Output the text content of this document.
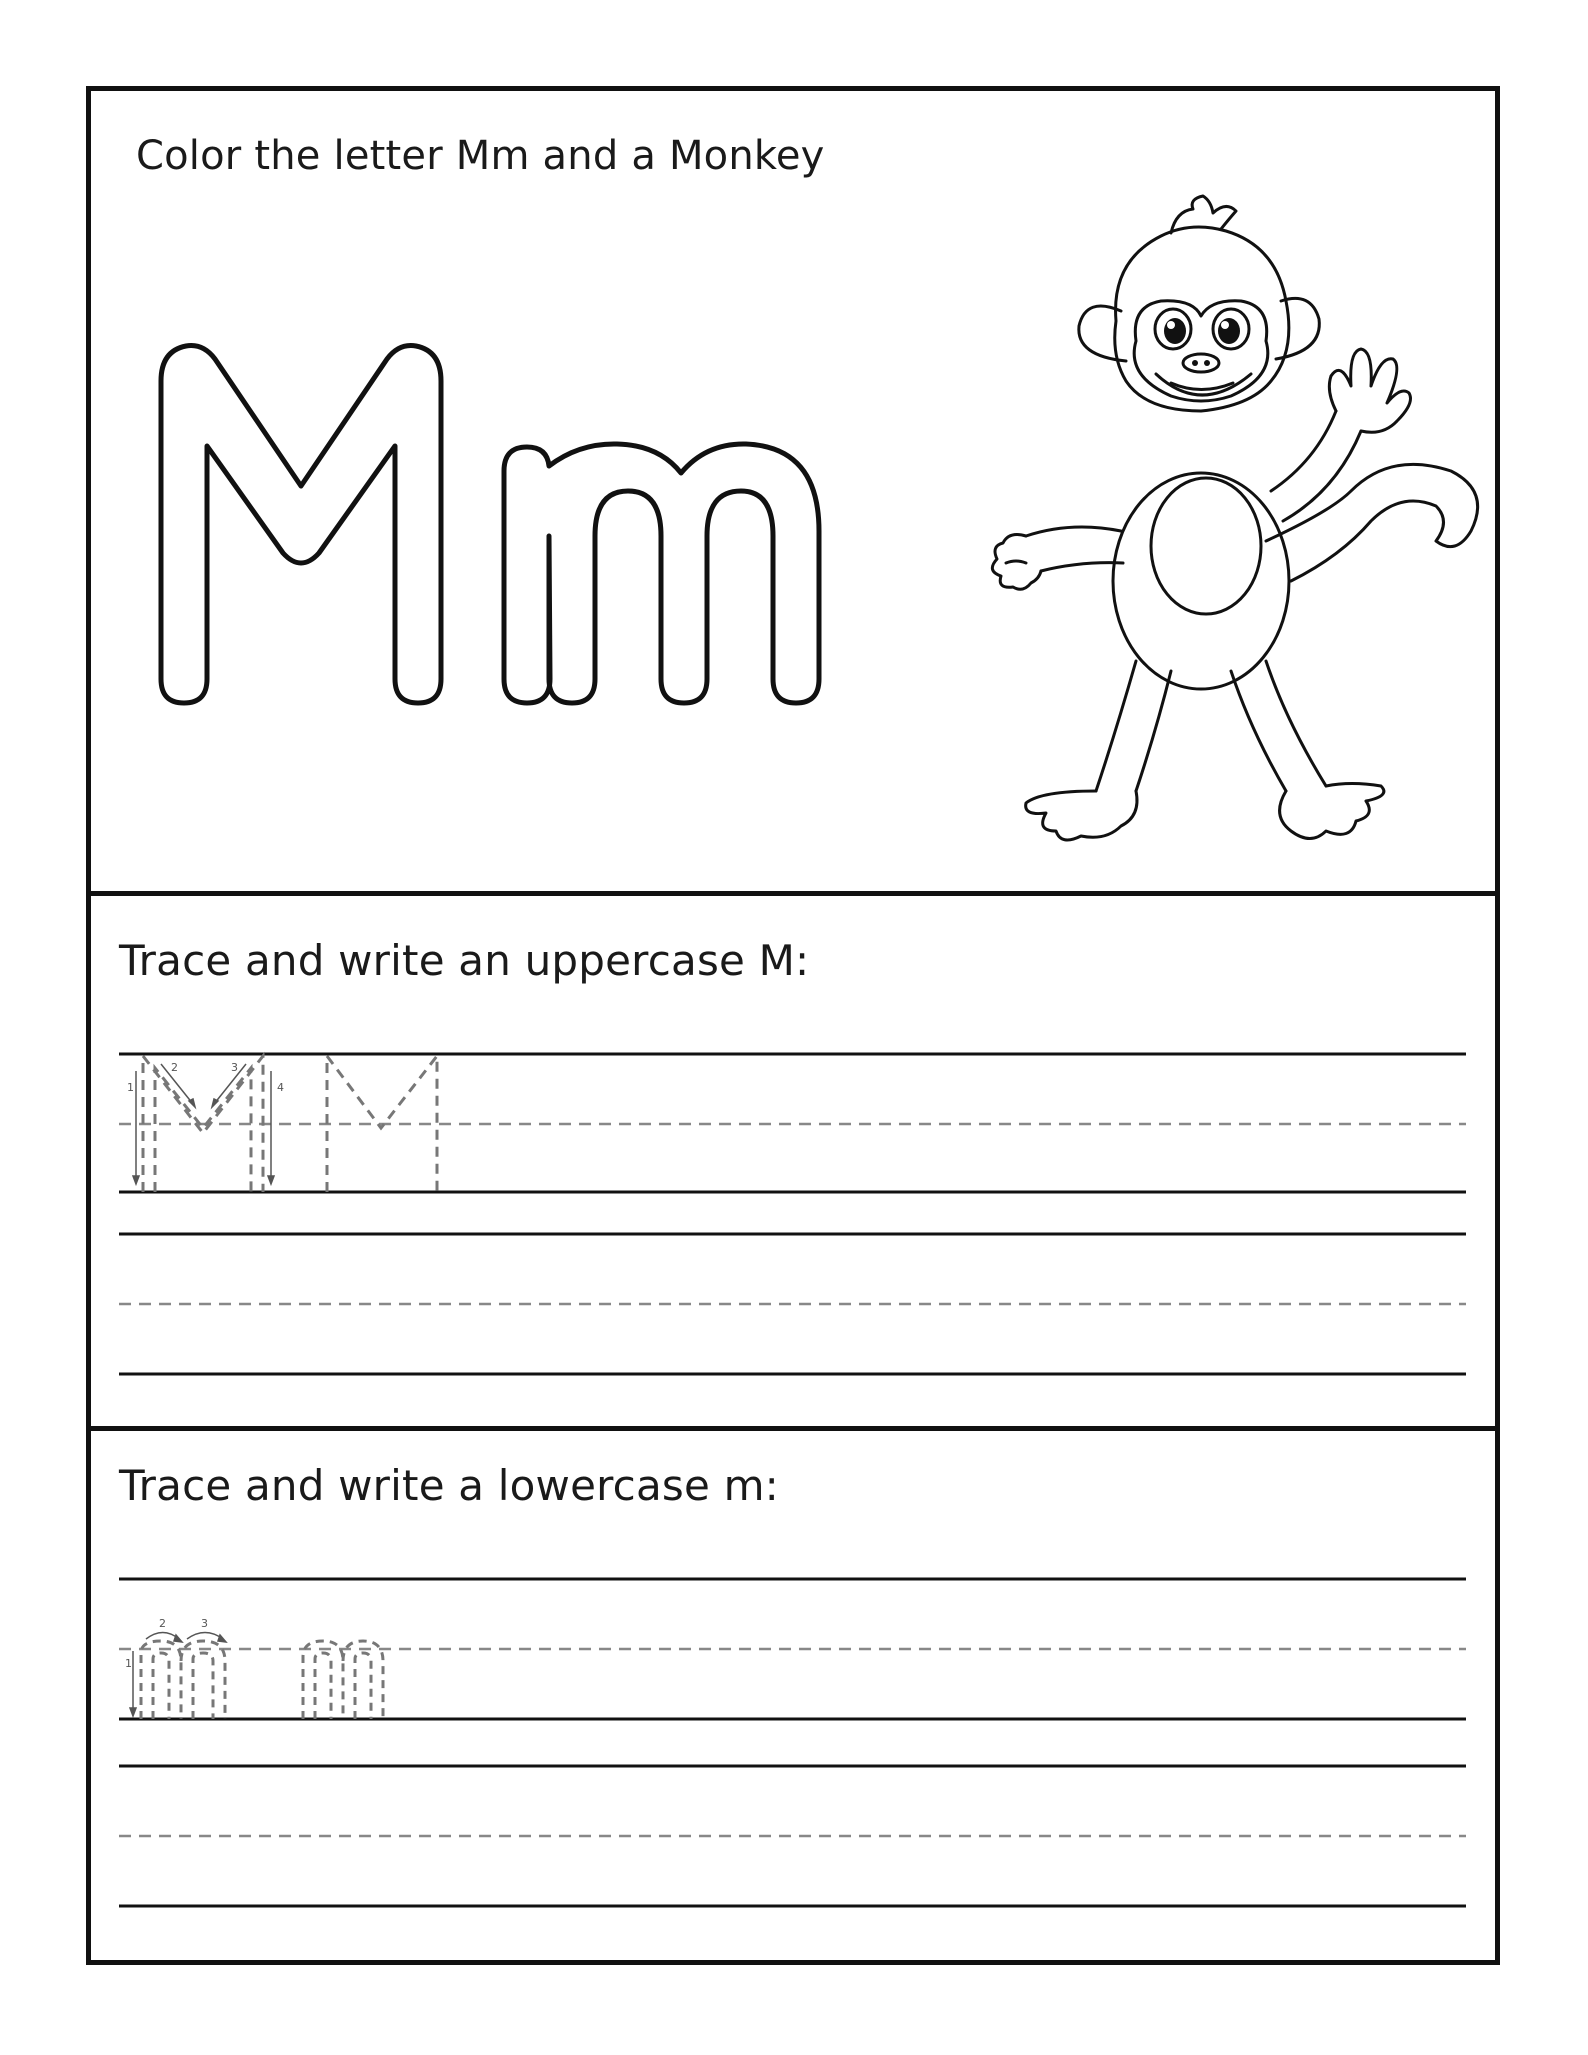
Color the letter Mm and a Monkey
Trace and write an uppercase M:
1
2	3
4
Trace and write a lowercase m:
1
2	3
